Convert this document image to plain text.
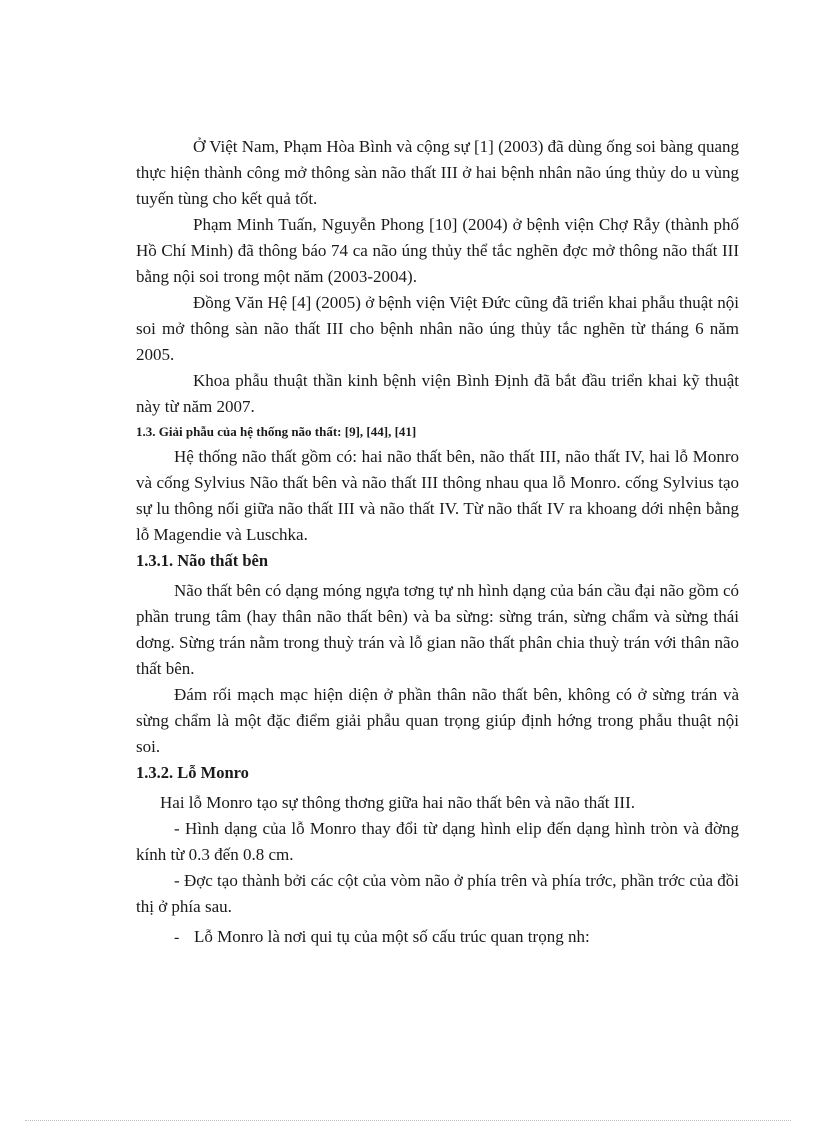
Ở Việt Nam, Phạm Hòa Bình và cộng sự [1] (2003) đã dùng ống soi bàng quang thực hiện thành công mở thông sàn não thất III ở hai bệnh nhân não úng thủy do u vùng tuyến tùng cho kết quả tốt.

Phạm Minh Tuấn, Nguyễn Phong [10] (2004) ở bệnh viện Chợ Rẫy (thành phố Hồ Chí Minh) đã thông báo 74 ca não úng thủy thể tắc nghẽn đợc mở thông não thất III bằng nội soi trong một năm (2003-2004).

Đồng Văn Hệ [4] (2005) ở bệnh viện Việt Đức cũng đã triển khai phẫu thuật nội soi mở thông sàn não thất III cho bệnh nhân não úng thủy tắc nghẽn từ tháng 6 năm 2005.

Khoa phẫu thuật thần kinh bệnh viện Bình Định đã bắt đầu triển khai kỹ thuật này từ năm 2007.

1.3. Giải phẫu của hệ thống não thất: [9], [44], [41]

Hệ thống não thất gồm có: hai não thất bên, não thất III, não thất IV, hai lỗ Monro và cống Sylvius Não thất bên và não thất III thông nhau qua lỗ Monro. cống Sylvius tạo sự lu thông nối giữa não thất III và não thất IV. Từ não thất IV ra khoang dới nhện bằng lỗ Magendie và Luschka.

1.3.1. Não thất bên

Não thất bên có dạng móng ngựa tơng tự nh hình dạng của bán cầu đại não gồm có phần trung tâm (hay thân não thất bên) và ba sừng: sừng trán, sừng chẩm và sừng thái dơng. Sừng trán nằm trong thuỳ trán và lỗ gian não thất phân chia thuỳ trán với thân não thất bên.

Đám rối mạch mạc hiện diện ở phần thân não thất bên, không có ở sừng trán và sừng chẩm là một đặc điểm giải phẫu quan trọng giúp định hớng trong phẫu thuật nội soi.

1.3.2. Lỗ Monro

Hai lỗ Monro tạo sự thông thơng giữa hai não thất bên và não thất III.

- Hình dạng của lỗ Monro thay đổi từ dạng hình elip đến dạng hình tròn và đờng kính từ 0.3 đến 0.8 cm.

- Đợc tạo thành bởi các cột của vòm não ở phía trên và phía trớc, phần trớc của đồi thị ở phía sau.

- Lỗ Monro là nơi qui tụ của một số cấu trúc quan trọng nh:
